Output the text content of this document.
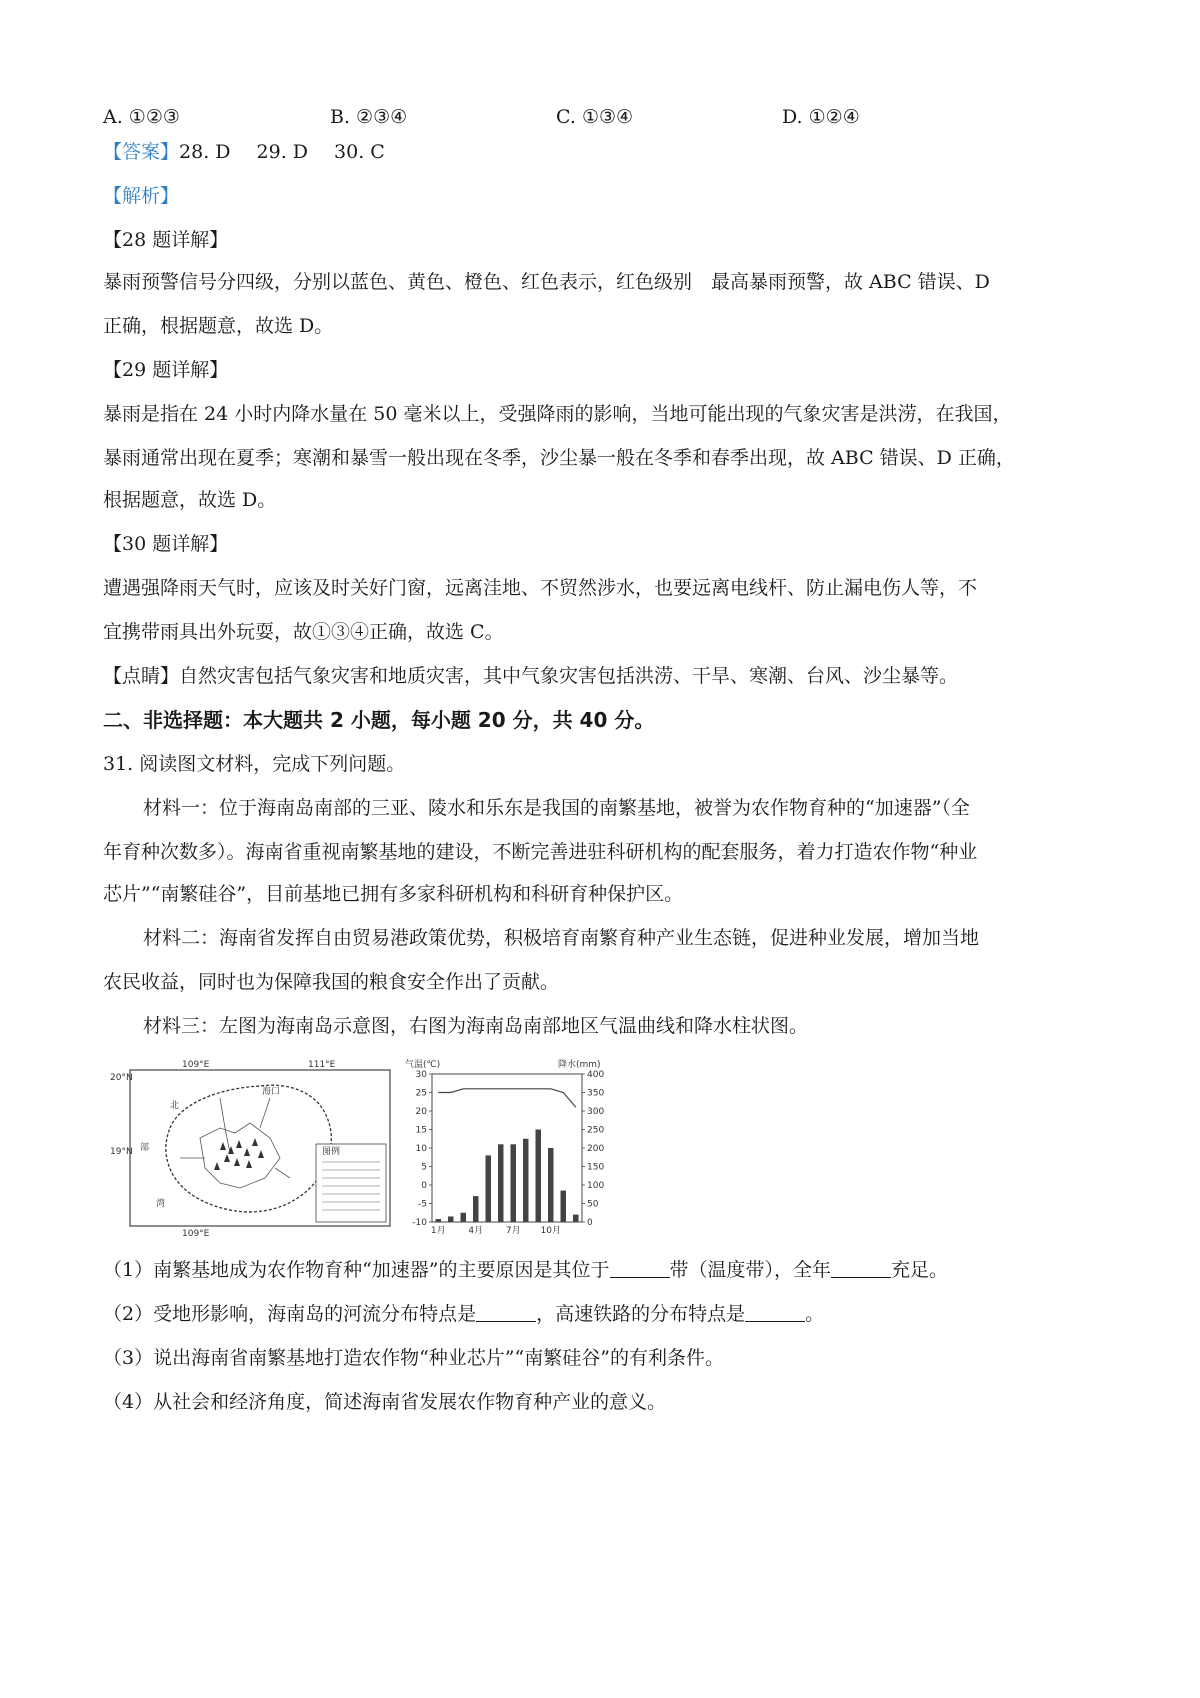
A. ①②③	B. ②③④	C. ①③④	D. ①②④
【答案】28. D 29. D 30. C
【解析】
【28 题详解】
暴雨预警信号分四级，分别以蓝色、黄色、橙色、红色表示，红色级别　最高暴雨预警，故 ABC 错误、D
正确，根据题意，故选 D。
【29 题详解】
暴雨是指在 24 小时内降水量在 50 毫米以上，受强降雨的影响，当地可能出现的气象灾害是洪涝，在我国，
暴雨通常出现在夏季；寒潮和暴雪一般出现在冬季，沙尘暴一般在冬季和春季出现，故 ABC 错误、D 正确，
根据题意，故选 D。
【30 题详解】
遭遇强降雨天气时，应该及时关好门窗，远离洼地、不贸然涉水，也要远离电线杆、防止漏电伤人等，不
宜携带雨具出外玩耍，故①③④正确，故选 C。
【点睛】自然灾害包括气象灾害和地质灾害，其中气象灾害包括洪涝、干旱、寒潮、台风、沙尘暴等。
二、非选择题：本大题共 2 小题，每小题 20 分，共 40 分。
31. 阅读图文材料，完成下列问题。
材料一：位于海南岛南部的三亚、陵水和乐东是我国的南繁基地，被誉为农作物育种的“加速器”（全
年育种次数多）。海南省重视南繁基地的建设，不断完善进驻科研机构的配套服务，着力打造农作物“种业
芯片”“南繁硅谷”，目前基地已拥有多家科研机构和科研育种保护区。
材料二：海南省发挥自由贸易港政策优势，积极培育南繁育种产业生态链，促进种业发展，增加当地
农民收益，同时也为保障我国的粮食安全作出了贡献。
材料三：左图为海南岛示意图，右图为海南岛南部地区气温曲线和降水柱状图。
109°E	111°E
20°N
19°N
109°E
海口
北
部
湾
图例
气温(℃)	降水(mm)
-10
-5
0
5
10
15
20
25
30
0
50
100
150
200
250
300
350
400
1月	4月	7月 10月
（1）南繁基地成为农作物育种“加速器”的主要原因是其位于	带（温度带），全年	充足。
（2）受地形影响，海南岛的河流分布特点是	，高速铁路的分布特点是	。
（3）说出海南省南繁基地打造农作物“种业芯片”“南繁硅谷”的有利条件。
（4）从社会和经济角度，简述海南省发展农作物育种产业的意义。
